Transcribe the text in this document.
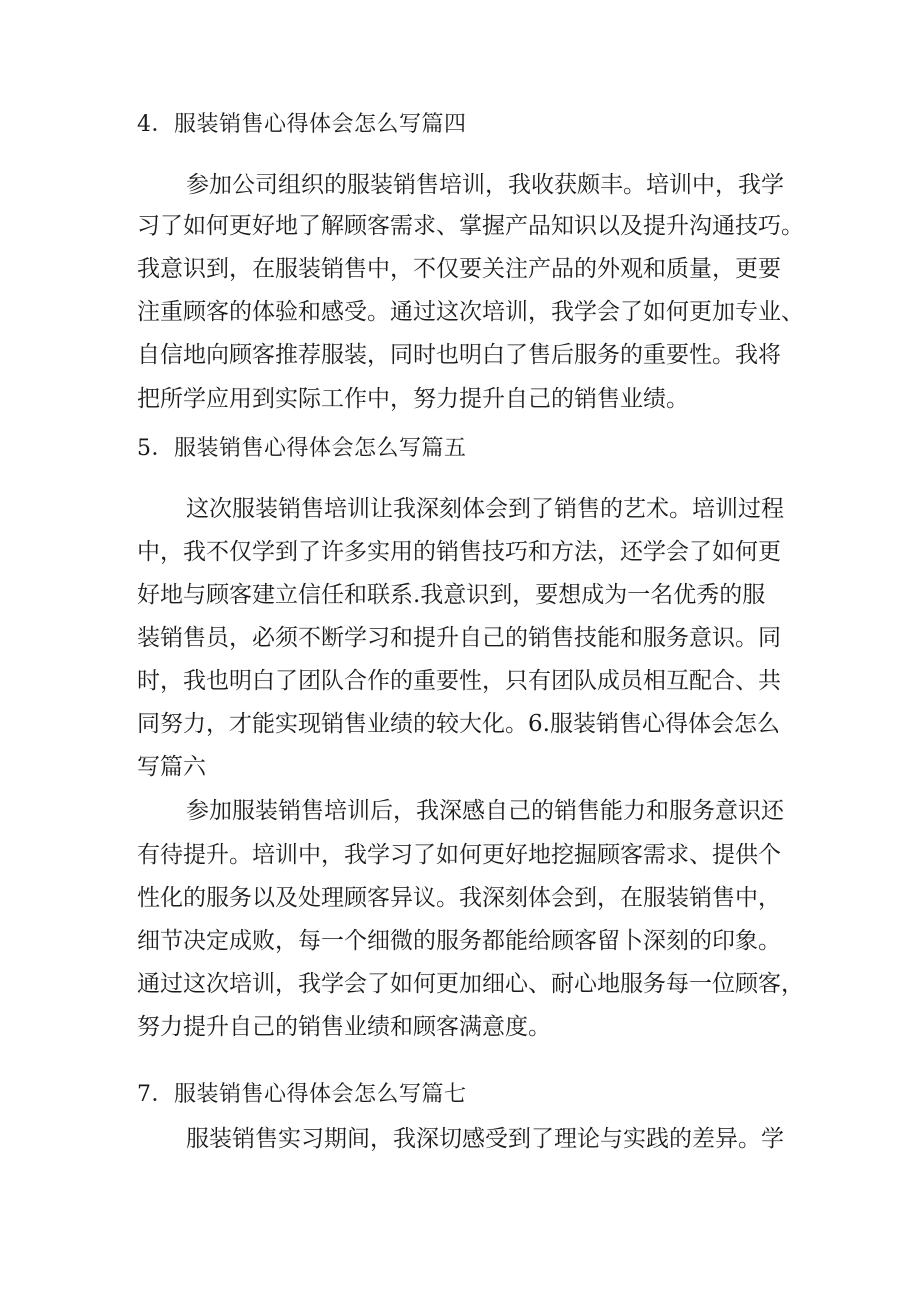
4．服装销售心得体会怎么写篇四
参加公司组织的服装销售培训，我收获颇丰。培训中，我学
习了如何更好地了解顾客需求、掌握产品知识以及提升沟通技巧。
我意识到，在服装销售中，不仅要关注产品的外观和质量，更要
注重顾客的体验和感受。通过这次培训，我学会了如何更加专业、
自信地向顾客推荐服装，同时也明白了售后服务的重要性。我将
把所学应用到实际工作中，努力提升自己的销售业绩。
5．服装销售心得体会怎么写篇五
这次服装销售培训让我深刻体会到了销售的艺术。培训过程
中，我不仅学到了许多实用的销售技巧和方法，还学会了如何更
好地与顾客建立信任和联系.我意识到，要想成为一名优秀的服
装销售员，必须不断学习和提升自己的销售技能和服务意识。同
时，我也明白了团队合作的重要性，只有团队成员相互配合、共
同努力，才能实现销售业绩的较大化。6.服装销售心得体会怎么
写篇六
参加服装销售培训后，我深感自己的销售能力和服务意识还
有待提升。培训中，我学习了如何更好地挖掘顾客需求、提供个
性化的服务以及处理顾客异议。我深刻体会到，在服装销售中，
细节决定成败，每一个细微的服务都能给顾客留卜深刻的印象。
通过这次培训，我学会了如何更加细心、耐心地服务每一位顾客，
努力提升自己的销售业绩和顾客满意度。
7．服装销售心得体会怎么写篇七
服装销售实习期间，我深切感受到了理论与实践的差异。学
